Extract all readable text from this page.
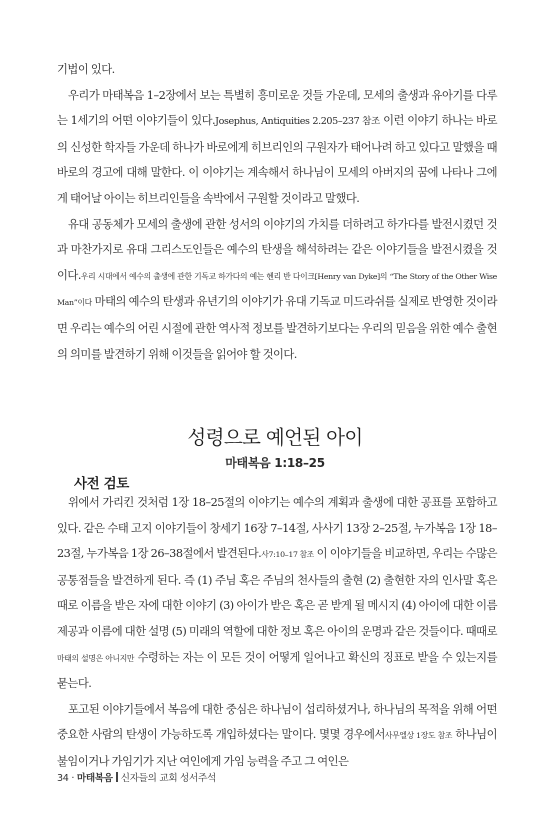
기법이 있다.

우리가 마태복음 1–2장에서 보는 특별히 흥미로운 것들 가운데, 모세의 출생과 유아기를 다루는 1세기의 어떤 이야기들이 있다.Josephus, Antiquities 2.205–237 참조 이런 이야기 하나는 바로의 신성한 학자들 가운데 하나가 바로에게 히브리인의 구원자가 태어나려 하고 있다고 말했을 때 바로의 경고에 대해 말한다. 이 이야기는 계속해서 하나님이 모세의 아버지의 꿈에 나타나 그에게 태어날 아이는 히브리인들을 속박에서 구원할 것이라고 말했다.

유대 공동체가 모세의 출생에 관한 성서의 이야기의 가치를 더하려고 하가다를 발전시켰던 것과 마찬가지로 유대 그리스도인들은 예수의 탄생을 해석하려는 같은 이야기들을 발전시켰을 것이다.우리 시대에서 예수의 출생에 관한 기독교 하가다의 예는 헨리 반 다이크[Henry van Dyke]의 “The Story of the Other Wise Man”이다 마태의 예수의 탄생과 유년기의 이야기가 유대 기독교 미드라쉬를 실제로 반영한 것이라면 우리는 예수의 어린 시절에 관한 역사적 정보를 발견하기보다는 우리의 믿음을 위한 예수 출현의 의미를 발견하기 위해 이것들을 읽어야 할 것이다.

성령으로 예언된 아이
마태복음 1:18–25
사전 검토

위에서 가리킨 것처럼 1장 18–25절의 이야기는 예수의 계획과 출생에 대한 공표를 포함하고 있다. 같은 수태 고지 이야기들이 창세기 16장 7–14절, 사사기 13장 2–25절, 누가복음 1장 18–23절, 누가복음 1장 26–38절에서 발견된다.사7:10–17 참조 이 이야기들을 비교하면, 우리는 수많은 공통점들을 발견하게 된다. 즉 (1) 주님 혹은 주님의 천사들의 출현 (2) 출현한 자의 인사말 혹은 때로 이름을 받은 자에 대한 이야기 (3) 아이가 받은 혹은 곧 받게 될 메시지 (4) 아이에 대한 이름 제공과 이름에 대한 설명 (5) 미래의 역할에 대한 정보 혹은 아이의 운명과 같은 것들이다. 때때로마태의 설명은 아니지만 수령하는 자는 이 모든 것이 어떻게 일어나고 확신의 징표로 받을 수 있는지를 묻는다.

포고된 이야기들에서 복음에 대한 중심은 하나님이 섭리하셨거나, 하나님의 목적을 위해 어떤 중요한 사람의 탄생이 가능하도록 개입하셨다는 말이다. 몇몇 경우에서사무엘상 1장도 참조 하나님이 불임이거나 가임기가 지난 여인에게 가임 능력을 주고 그 여인은

34 · 마태복음 신자들의 교회 성서주석
